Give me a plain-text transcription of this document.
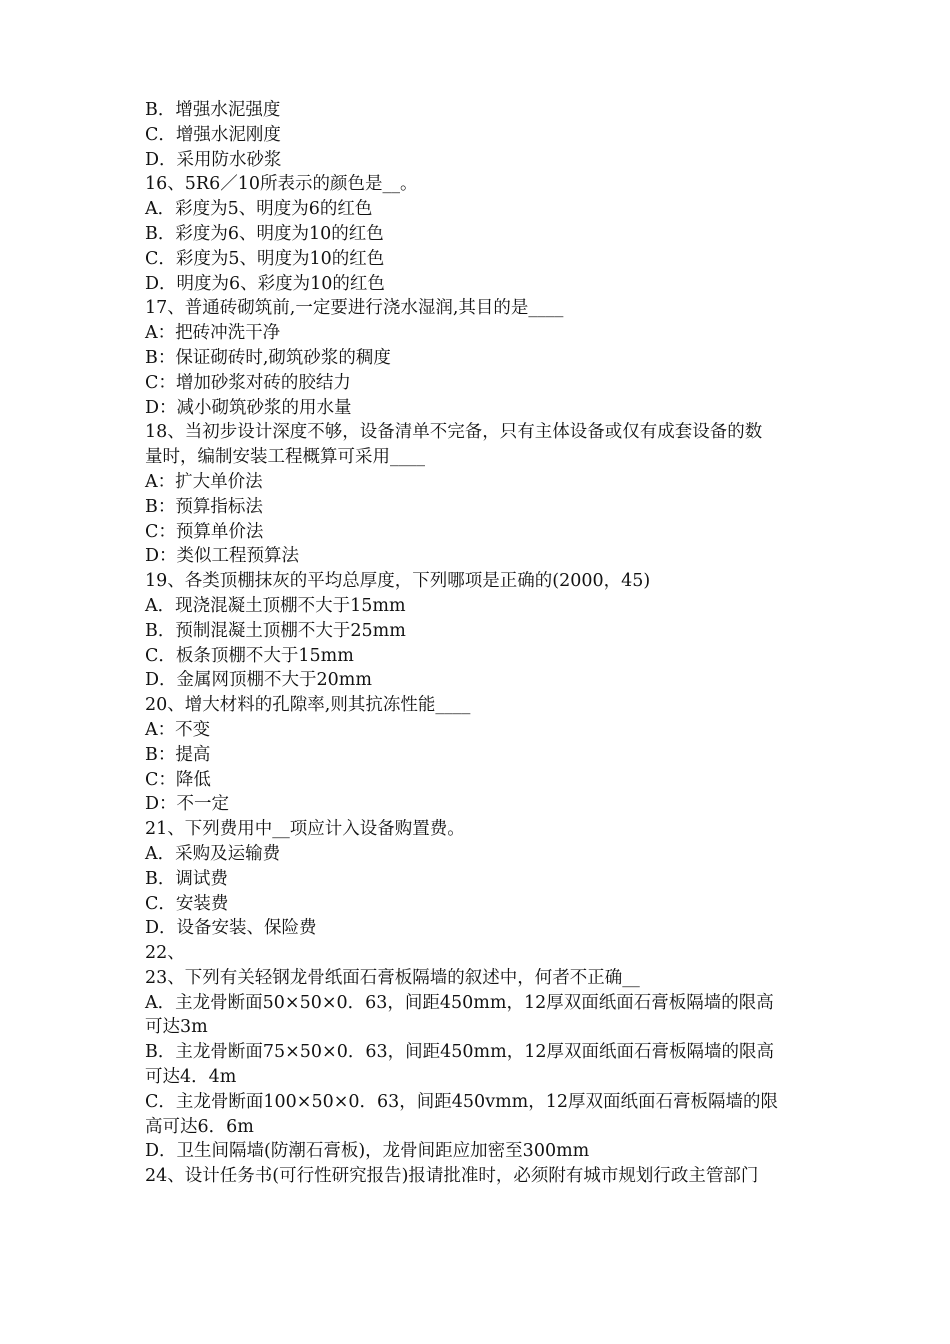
B．增强水泥强度
C．增强水泥刚度
D．采用防水砂浆
16、5R6／10所表示的颜色是__。
A．彩度为5、明度为6的红色
B．彩度为6、明度为10的红色
C．彩度为5、明度为10的红色
D．明度为6、彩度为10的红色
17、普通砖砌筑前,一定要进行浇水湿润,其目的是____
A：把砖冲洗干净
B：保证砌砖时,砌筑砂浆的稠度
C：增加砂浆对砖的胶结力
D：减小砌筑砂浆的用水量
18、当初步设计深度不够，设备清单不完备，只有主体设备或仅有成套设备的数
量时，编制安装工程概算可采用____
A：扩大单价法
B：预算指标法
C：预算单价法
D：类似工程预算法
19、各类顶棚抹灰的平均总厚度，下列哪项是正确的(2000，45)
A．现浇混凝土顶棚不大于15mm
B．预制混凝土顶棚不大于25mm
C．板条顶棚不大于15mm
D．金属网顶棚不大于20mm
20、增大材料的孔隙率,则其抗冻性能____
A：不变
B：提高
C：降低
D：不一定
21、下列费用中__项应计入设备购置费。
A．采购及运输费
B．调试费
C．安装费
D．设备安装、保险费
22、
23、下列有关轻钢龙骨纸面石膏板隔墙的叙述中，何者不正确__
A．主龙骨断面50×50×0．63，间距450mm，12厚双面纸面石膏板隔墙的限高
可达3m
B．主龙骨断面75×50×0．63，间距450mm，12厚双面纸面石膏板隔墙的限高
可达4．4m
C．主龙骨断面100×50×0．63，间距450vmm，12厚双面纸面石膏板隔墙的限
高可达6．6m
D．卫生间隔墙(防潮石膏板)，龙骨间距应加密至300mm
24、设计任务书(可行性研究报告)报请批准时，必须附有城市规划行政主管部门
